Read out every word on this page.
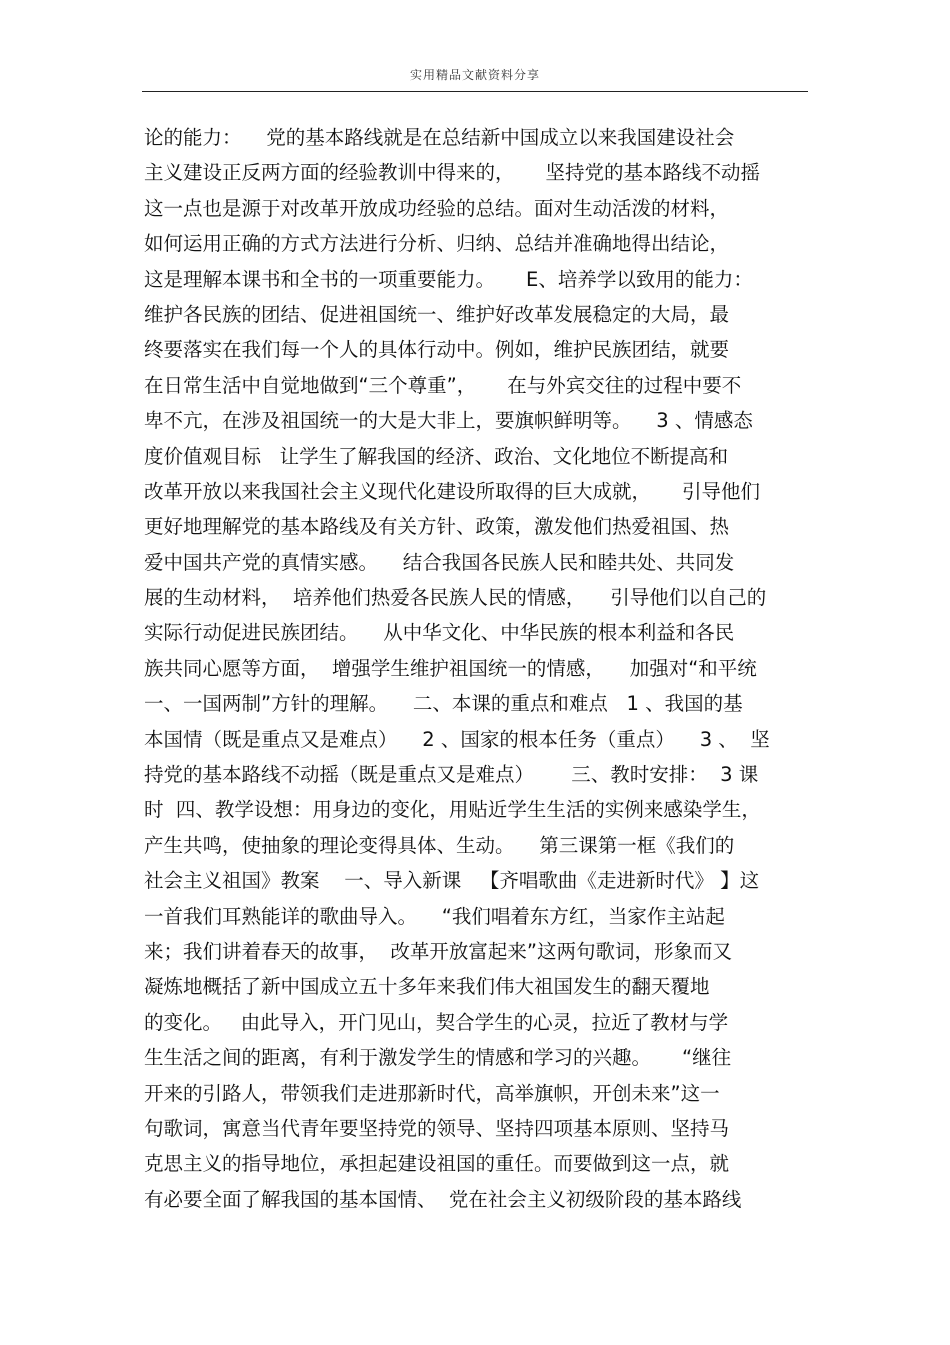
实用精品文献资料分享
论的能力：    党的基本路线就是在总结新中国成立以来我国建设社会
主义建设正反两方面的经验教训中得来的，     坚持党的基本路线不动摇
这一点也是源于对改革开放成功经验的总结。面对生动活泼的材料，
如何运用正确的方式方法进行分析、归纳、总结并准确地得出结论，
这是理解本课书和全书的一项重要能力。     E、培养学以致用的能力：
维护各民族的团结、促进祖国统一、维护好改革发展稳定的大局，最
终要落实在我们每一个人的具体行动中。例如，维护民族团结，就要
在日常生活中自觉地做到“三个尊重”，     在与外宾交往的过程中要不
卑不亢，在涉及祖国统一的大是大非上，要旗帜鲜明等。    3 、情感态
度价值观目标   让学生了解我国的经济、政治、文化地位不断提高和
改革开放以来我国社会主义现代化建设所取得的巨大成就，     引导他们
更好地理解党的基本路线及有关方针、政策，激发他们热爱祖国、热
爱中国共产党的真情实感。    结合我国各民族人民和睦共处、共同发
展的生动材料，  培养他们热爱各民族人民的情感，    引导他们以自己的
实际行动促进民族团结。    从中华文化、中华民族的根本利益和各民
族共同心愿等方面，  增强学生维护祖国统一的情感，    加强对“和平统
一、一国两制”方针的理解。    二、本课的重点和难点   1 、我国的基
本国情（既是重点又是难点）    2 、国家的根本任务（重点）    3 、  坚
持党的基本路线不动摇（既是重点又是难点）      三、教时安排：  3 课
时  四、教学设想：用身边的变化，用贴近学生生活的实例来感染学生，
产生共鸣，使抽象的理论变得具体、生动。    第三课第一框《我们的
社会主义祖国》教案    一、导入新课   【齐唱歌曲《走进新时代》 】这
一首我们耳熟能详的歌曲导入。    “我们唱着东方红，当家作主站起
来；我们讲着春天的故事，  改革开放富起来”这两句歌词，形象而又
凝炼地概括了新中国成立五十多年来我们伟大祖国发生的翻天覆地
的变化。   由此导入，开门见山，契合学生的心灵，拉近了教材与学
生生活之间的距离，有利于激发学生的情感和学习的兴趣。     “继往
开来的引路人，带领我们走进那新时代，高举旗帜，开创未来”这一
句歌词，寓意当代青年要坚持党的领导、坚持四项基本原则、坚持马
克思主义的指导地位，承担起建设祖国的重任。而要做到这一点，就
有必要全面了解我国的基本国情、  党在社会主义初级阶段的基本路线
